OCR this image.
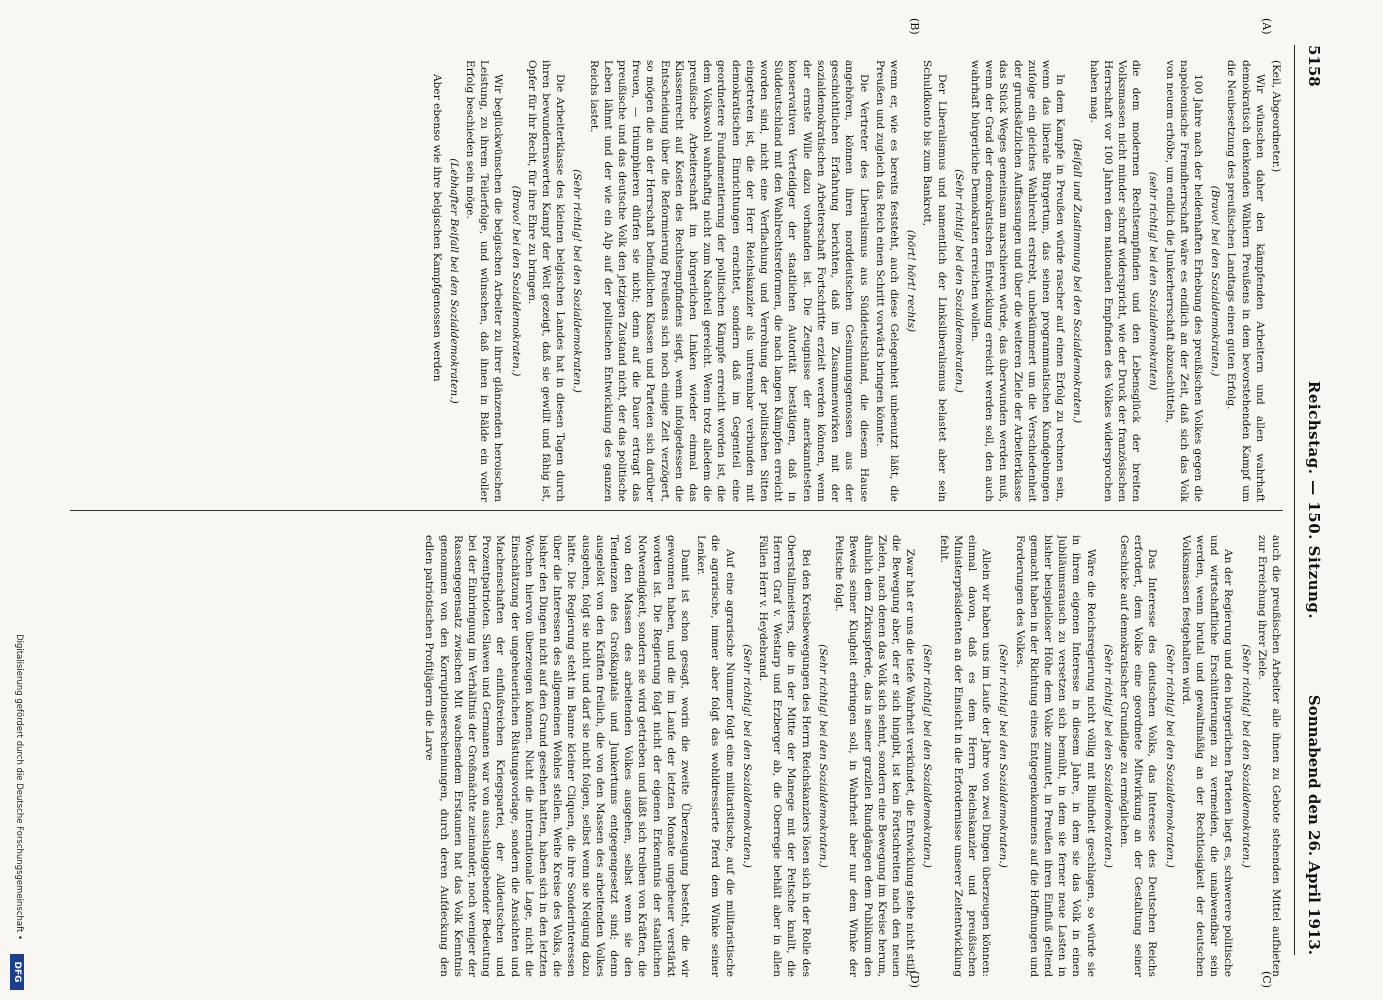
5158
Reichstag. — 150. Sitzung.
Sonnabend den 26. April 1913.
(A)
(B)
(C)
(D)

(Keil, Abgeordneter.)

Wir wünschen daher den kämpfenden Arbeitern und allen wahrhaft demokratisch denkenden Wählern Preußens in dem bevorstehenden Kampf um die Neubesetzung des preußischen Landtags einen guten Erfolg.

(Bravo! bei den Sozialdemokraten.)

100 Jahre nach der heldenhaften Erhebung des preußischen Volkes gegen die napoleonische Fremdherrschaft wäre es endlich an der Zeit, daß sich das Volk von neuem erhöbe, um endlich die Junkerherrschaft abzuschütteln,

(sehr richtig! bei den Sozialdemokraten)

die dem modernen Rechtsempfinden und den Lebensglück der breiten Volksmassen nicht minder schroff widerspricht, wie der Druck der französischen Herrschaft vor 100 Jahren dem nationalen Empfinden des Volkes widersprochen haben mag.

(Beifall und Zustimmung bei den Sozialdemokraten.)

In dem Kampfe in Preußen würde rascher auf einen Erfolg zu rechnen sein, wenn das liberale Bürgertum, das seinen programmatischen Kundgebungen zufolge ein gleiches Wahlrecht erstrebt, unbekümmert um die Verschiedenheit der grundsätzlichen Auffassungen und über die weiteren Ziele der Arbeiterklasse das Stück Weges gemeinsam marschieren würde, das überwunden werden muß, wenn der Grad der demokratischen Entwicklung erreicht werden soll, den auch wahrhaft bürgerliche Demokraten erreichen wollen.

(Sehr richtig! bei den Sozialdemokraten.)

Der Liberalismus und namentlich der Linksliberalismus belastet aber sein Schuldkonto bis zum Bankrott,

(hört! hört! rechts)

wenn er, wie es bereits feststeht, auch diese Gelegenheit unbenutzt läßt, die Preußen und zugleich das Reich einen Schritt vorwärts bringen könnte.

Die Vertreter des Liberalismus aus Süddeutschland, die diesem Hause angehören, können ihren norddeutschen Gesinnungsgenossen aus der geschichtlichen Erfahrung berichten, daß im Zusammenwirken mit der sozialdemokratischen Arbeiterschaft Fortschritte erzielt werden können, wenn der ernste Wille dazu vorhanden ist. Die Zeugnisse der anerkanntesten konservativen Verteidiger der staatlichen Autorität bestätigen, daß in Süddeutschland mit den Wahlrechtsreformen, die nach langen Kämpfen erreicht worden sind, nicht eine Verflachung und Verrohung der politischen Sitten eingetreten ist, die der Herr Reichskanzler als untrennbar verbunden mit demokratischen Einrichtungen erachtet, sondern daß im Gegenteil eine geordnetere Fundamentierung der politischen Kämpfe erreicht worden ist, die dem Volkswohl wahrhaftig nicht zum Nachteil gereicht. Wenn trotz alledem die preußische Arbeiterschaft im bürgerlichen Linken wieder einmal das Klassenrecht auf Kosten des Rechtsempfindens siegt, wenn infolgedessen die Entscheidung über die Reformierung Preußens sich noch einige Zeit verzögert, so mögen die an der Herrschaft befindlichen Klassen und Parteien sich darüber freuen, — triumphieren dürfen sie nicht; denn auf die Dauer ertragt das preußische und das deutsche Volk den jetzigen Zustand nicht, der das politische Leben lähmt und der wie ein Alp auf der politischen Entwicklung des ganzen Reichs lastet.

(Sehr richtig! bei den Sozialdemokraten.)

Die Arbeiterklasse des kleinen belgischen Landes hat in diesen Tagen durch ihren bewundernswerten Kampf der Welt gezeigt, daß sie gewillt und fähig ist, Opfer für ihr Recht, für ihre Ehre zu bringen.

(Bravo! bei den Sozialdemokraten.)

Wir beglückwünschen die belgischen Arbeiter zu ihrer glänzenden heroischen Leistung, zu ihrem Teilerfolge, und wünschen, daß ihnen in Bälde ein voller Erfolg beschieden sein möge.

(Lebhafter Beifall bei den Sozialdemokraten.)

Aber ebenso wie ihre belgischen Kampfgenossen werden

auch die preußischen Arbeiter alle ihnen zu Gebote stehenden Mittel aufbieten zur Erreichung ihrer Ziele.

(Sehr richtig! bei den Sozialdemokraten.)

An der Regierung und den bürgerlichen Parteien liegt es, schwerere politische und wirtschaftliche Erschütterungen zu vermeiden, die unabwendbar sein werden, wenn brutal und gewaltmäßig an der Rechtlosigkeit der deutschen Volksmassen festgehalten wird.

(Sehr richtig! bei den Sozialdemokraten.)

Das Interesse des deutschen Volks, das Interesse des Deutschen Reichs erfordert, dem Volke eine geordnete Mitwirkung an der Gestaltung seiner Geschicke auf demokratischer Grundlage zu ermöglichen.

(Sehr richtig! bei den Sozialdemokraten.)

Wäre die Reichsregierung nicht völlig mit Blindheit geschlagen, so würde sie in ihrem eigenen Interesse in diesem Jahre, in dem sie das Volk in einen Jubiläumsrausch zu versetzen sich bemüht, in dem sie ferner neue Lasten in bisher beispielloser Höhe dem Volke zumutet, in Preußen ihren Einfluß geltend gemacht haben in der Richtung eines Entgegenkommens auf die Hoffnungen und Forderungen des Volkes.

(Sehr richtig! bei den Sozialdemokraten.)

Allein wir haben uns im Laufe der Jahre von zwei Dingen überzeugen können: einmal davon, daß es dem Herrn Reichskanzler und preußischen Ministerpräsidenten an der Einsicht in die Erfordernisse unserer Zeitentwicklung fehlt.

(Sehr richtig! bei den Sozialdemokraten.)

Zwar hat er uns die tiefe Wahrheit verkündet, die Entwicklung stehe nicht still; die Bewegung aber, der er sich hingibt, ist kein Fortschreiten nach den neuen Zielen, nach denen das Volk sich sehnt, sondern eine Bewegung im Kreise herum, ähnlich dem Zirkuspferde, das in seiner grazilen Rundgängen dem Publikum den Beweis seiner Klugheit erbringen soll, in Wahrheit aber nur dem Winke der Peitsche folgt.

(Sehr richtig! bei den Sozialdemokraten.)

Bei den Kreisbewegungen des Herrn Reichskanzlers lösen sich in der Rolle des Oberstallmeisters, die in der Mitte der Manege mit der Peitsche knallt, die Herren Graf v. Westarp und Erzberger ab, die Oberregie behält aber in allen Fällen Herr v. Heydebrand.

(Sehr richtig! bei den Sozialdemokraten.)

Auf eine agrarische Nummer folgt eine militaristische, auf die militaristische die agrarische, immer aber folgt das wohldressierte Pferd dem Winke seiner Lenker.

Damit ist schon gesagt, worin die zweite Überzeugung besteht, die wir gewonnen haben, und die im Laufe der letzten Monate ungeheuer verstärkt worden ist. Die Regierung folgt nicht der eigenen Erkenntnis der staatlichen Notwendigkeit, sondern sie wird getrieben und läßt sich treiben von Kräften, die von den Massen des arbeitenden Volkes ausgehen, selbst wenn sie den Tendenzen des Großkapitals und Junkertums entgegengesetzt sind; denn ausgelöst von den Kräften freilich, die von den Massen des arbeitenden Volkes ausgehen, folgt sie nicht und darf sie nicht folgen, selbst wenn sie Neigung dazu hätte. Die Regierung steht im Banne kleiner Cliquen, die ihre Sonderinteressen über die Interessen des allgemeinen Wohles stellen. Weite Kreise des Volks, die bisher den Dingen nicht auf den Grund gesehen hatten, haben sich in den letzten Wochen hiervon überzeugen können. Nicht die internationale Lage, nicht die Einschätzung der ungeheuerlichen Rüstungsvorlage, sondern die Ansichten und Machenschaften der einflußreichen Kriegspartei, der Alldeutschen und Prozentpatrioten. Slawen und Germanen war von ausschlaggebender Bedeutung bei der Einbringung im Verhältnis der Großmächte zueinander, noch weniger der Rassengegensatz zwischen Mit wachsendem Erstaunen hat das Volk Kenntnis genommen von den Korruptionserscheinungen, durch deren Aufdeckung den edlen patriotischen Profitjägern die Larve

Digitalisierung gefördert durch die Deutsche Forschungsgemeinschaft •
DFG
